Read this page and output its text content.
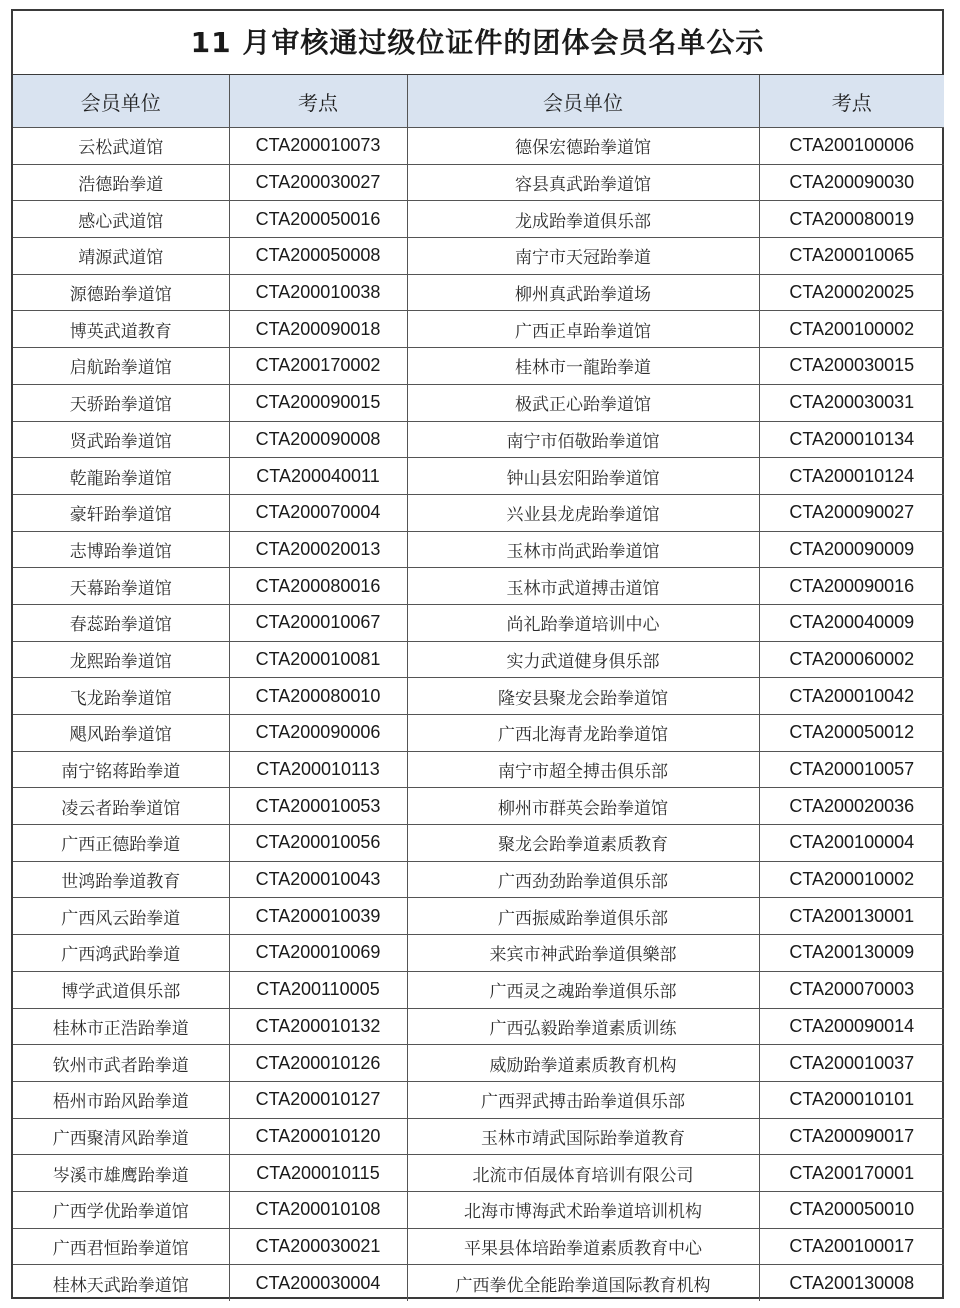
11 月审核通过级位证件的团体会员名单公示
会员单位	考点	会员单位	考点
云松武道馆	CTA200010073	德保宏德跆拳道馆	CTA200100006
浩德跆拳道	CTA200030027	容县真武跆拳道馆	CTA200090030
感心武道馆	CTA200050016	龙成跆拳道俱乐部	CTA200080019
靖源武道馆	CTA200050008	南宁市天冠跆拳道	CTA200010065
源德跆拳道馆	CTA200010038	柳州真武跆拳道场	CTA200020025
博英武道教育	CTA200090018	广西正卓跆拳道馆	CTA200100002
启航跆拳道馆	CTA200170002	桂林市一龍跆拳道	CTA200030015
天骄跆拳道馆	CTA200090015	极武正心跆拳道馆	CTA200030031
贤武跆拳道馆	CTA200090008	南宁市佰敬跆拳道馆	CTA200010134
乾龍跆拳道馆	CTA200040011	钟山县宏阳跆拳道馆	CTA200010124
豪轩跆拳道馆	CTA200070004	兴业县龙虎跆拳道馆	CTA200090027
志博跆拳道馆	CTA200020013	玉林市尚武跆拳道馆	CTA200090009
天幕跆拳道馆	CTA200080016	玉林市武道搏击道馆	CTA200090016
春蕊跆拳道馆	CTA200010067	尚礼跆拳道培训中心	CTA200040009
龙熙跆拳道馆	CTA200010081	实力武道健身俱乐部	CTA200060002
飞龙跆拳道馆	CTA200080010	隆安县聚龙会跆拳道馆	CTA200010042
飓风跆拳道馆	CTA200090006	广西北海青龙跆拳道馆	CTA200050012
南宁铭蒋跆拳道	CTA200010113	南宁市超全搏击俱乐部	CTA200010057
凌云者跆拳道馆	CTA200010053	柳州市群英会跆拳道馆	CTA200020036
广西正德跆拳道	CTA200010056	聚龙会跆拳道素质教育	CTA200100004
世鸿跆拳道教育	CTA200010043	广西劲劲跆拳道俱乐部	CTA200010002
广西风云跆拳道	CTA200010039	广西振威跆拳道俱乐部	CTA200130001
广西鸿武跆拳道	CTA200010069	来宾市神武跆拳道俱樂部	CTA200130009
博学武道俱乐部	CTA200110005	广西灵之魂跆拳道俱乐部	CTA200070003
桂林市正浩跆拳道	CTA200010132	广西弘毅跆拳道素质训练	CTA200090014
钦州市武者跆拳道	CTA200010126	威励跆拳道素质教育机构	CTA200010037
梧州市跆风跆拳道	CTA200010127	广西羿武搏击跆拳道俱乐部	CTA200010101
广西聚清风跆拳道	CTA200010120	玉林市靖武国际跆拳道教育	CTA200090017
岑溪市雄鹰跆拳道	CTA200010115	北流市佰晟体育培训有限公司	CTA200170001
广西学优跆拳道馆	CTA200010108	北海市博海武术跆拳道培训机构	CTA200050010
广西君恒跆拳道馆	CTA200030021	平果县体培跆拳道素质教育中心	CTA200100017
桂林天武跆拳道馆	CTA200030004	广西拳优全能跆拳道国际教育机构	CTA200130008
